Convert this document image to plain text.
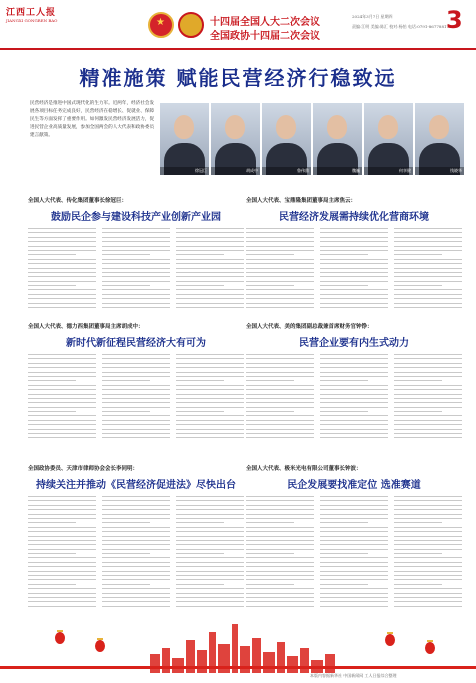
江西工人报
JIANGXI GONGREN BAO	★	十四届全国人大二次会议
全国政协十四届二次会议
2024年3月7日 星期四
责编:江明 美编:陈汇 校对:杨怡 电话:0791-86778817
3
精准施策 赋能民营经济行稳致远
民营经济是推进中国式现代化的生力军。近两年，经济社会发展各项目标任务完成良好，民营经济在稳增长、促就业、保障民生等方面发挥了重要作用。如何激发民营经济发展活力，促进民营企业高质量发展，参加全国两会的人大代表和政协委员建言献策。
徐冠巨	胡成中	鲁伟鼎	魏巍	何享健	钱晓华
全国人大代表、传化集团董事长徐冠巨：
鼓励民企参与建设科技产业创新产业园
全国人大代表、宝鼎隆集团董事局主席焦云：
民营经济发展需持续优化营商环境
全国人大代表、德力西集团董事局主席胡成中：
新时代新征程民营经济大有可为
全国人大代表、美的集团副总裁兼首席财务官钟铮：
民营企业要有内生式动力
全国政协委员、天津市律师协会会长李同明：
持续关注并推动《民营经济促进法》尽快出台
全国人大代表、极米光电有限公司董事长钟波：
民企发展要找准定位 选准赛道
本版内容据新华社 中国新闻网 工人日报综合整理
